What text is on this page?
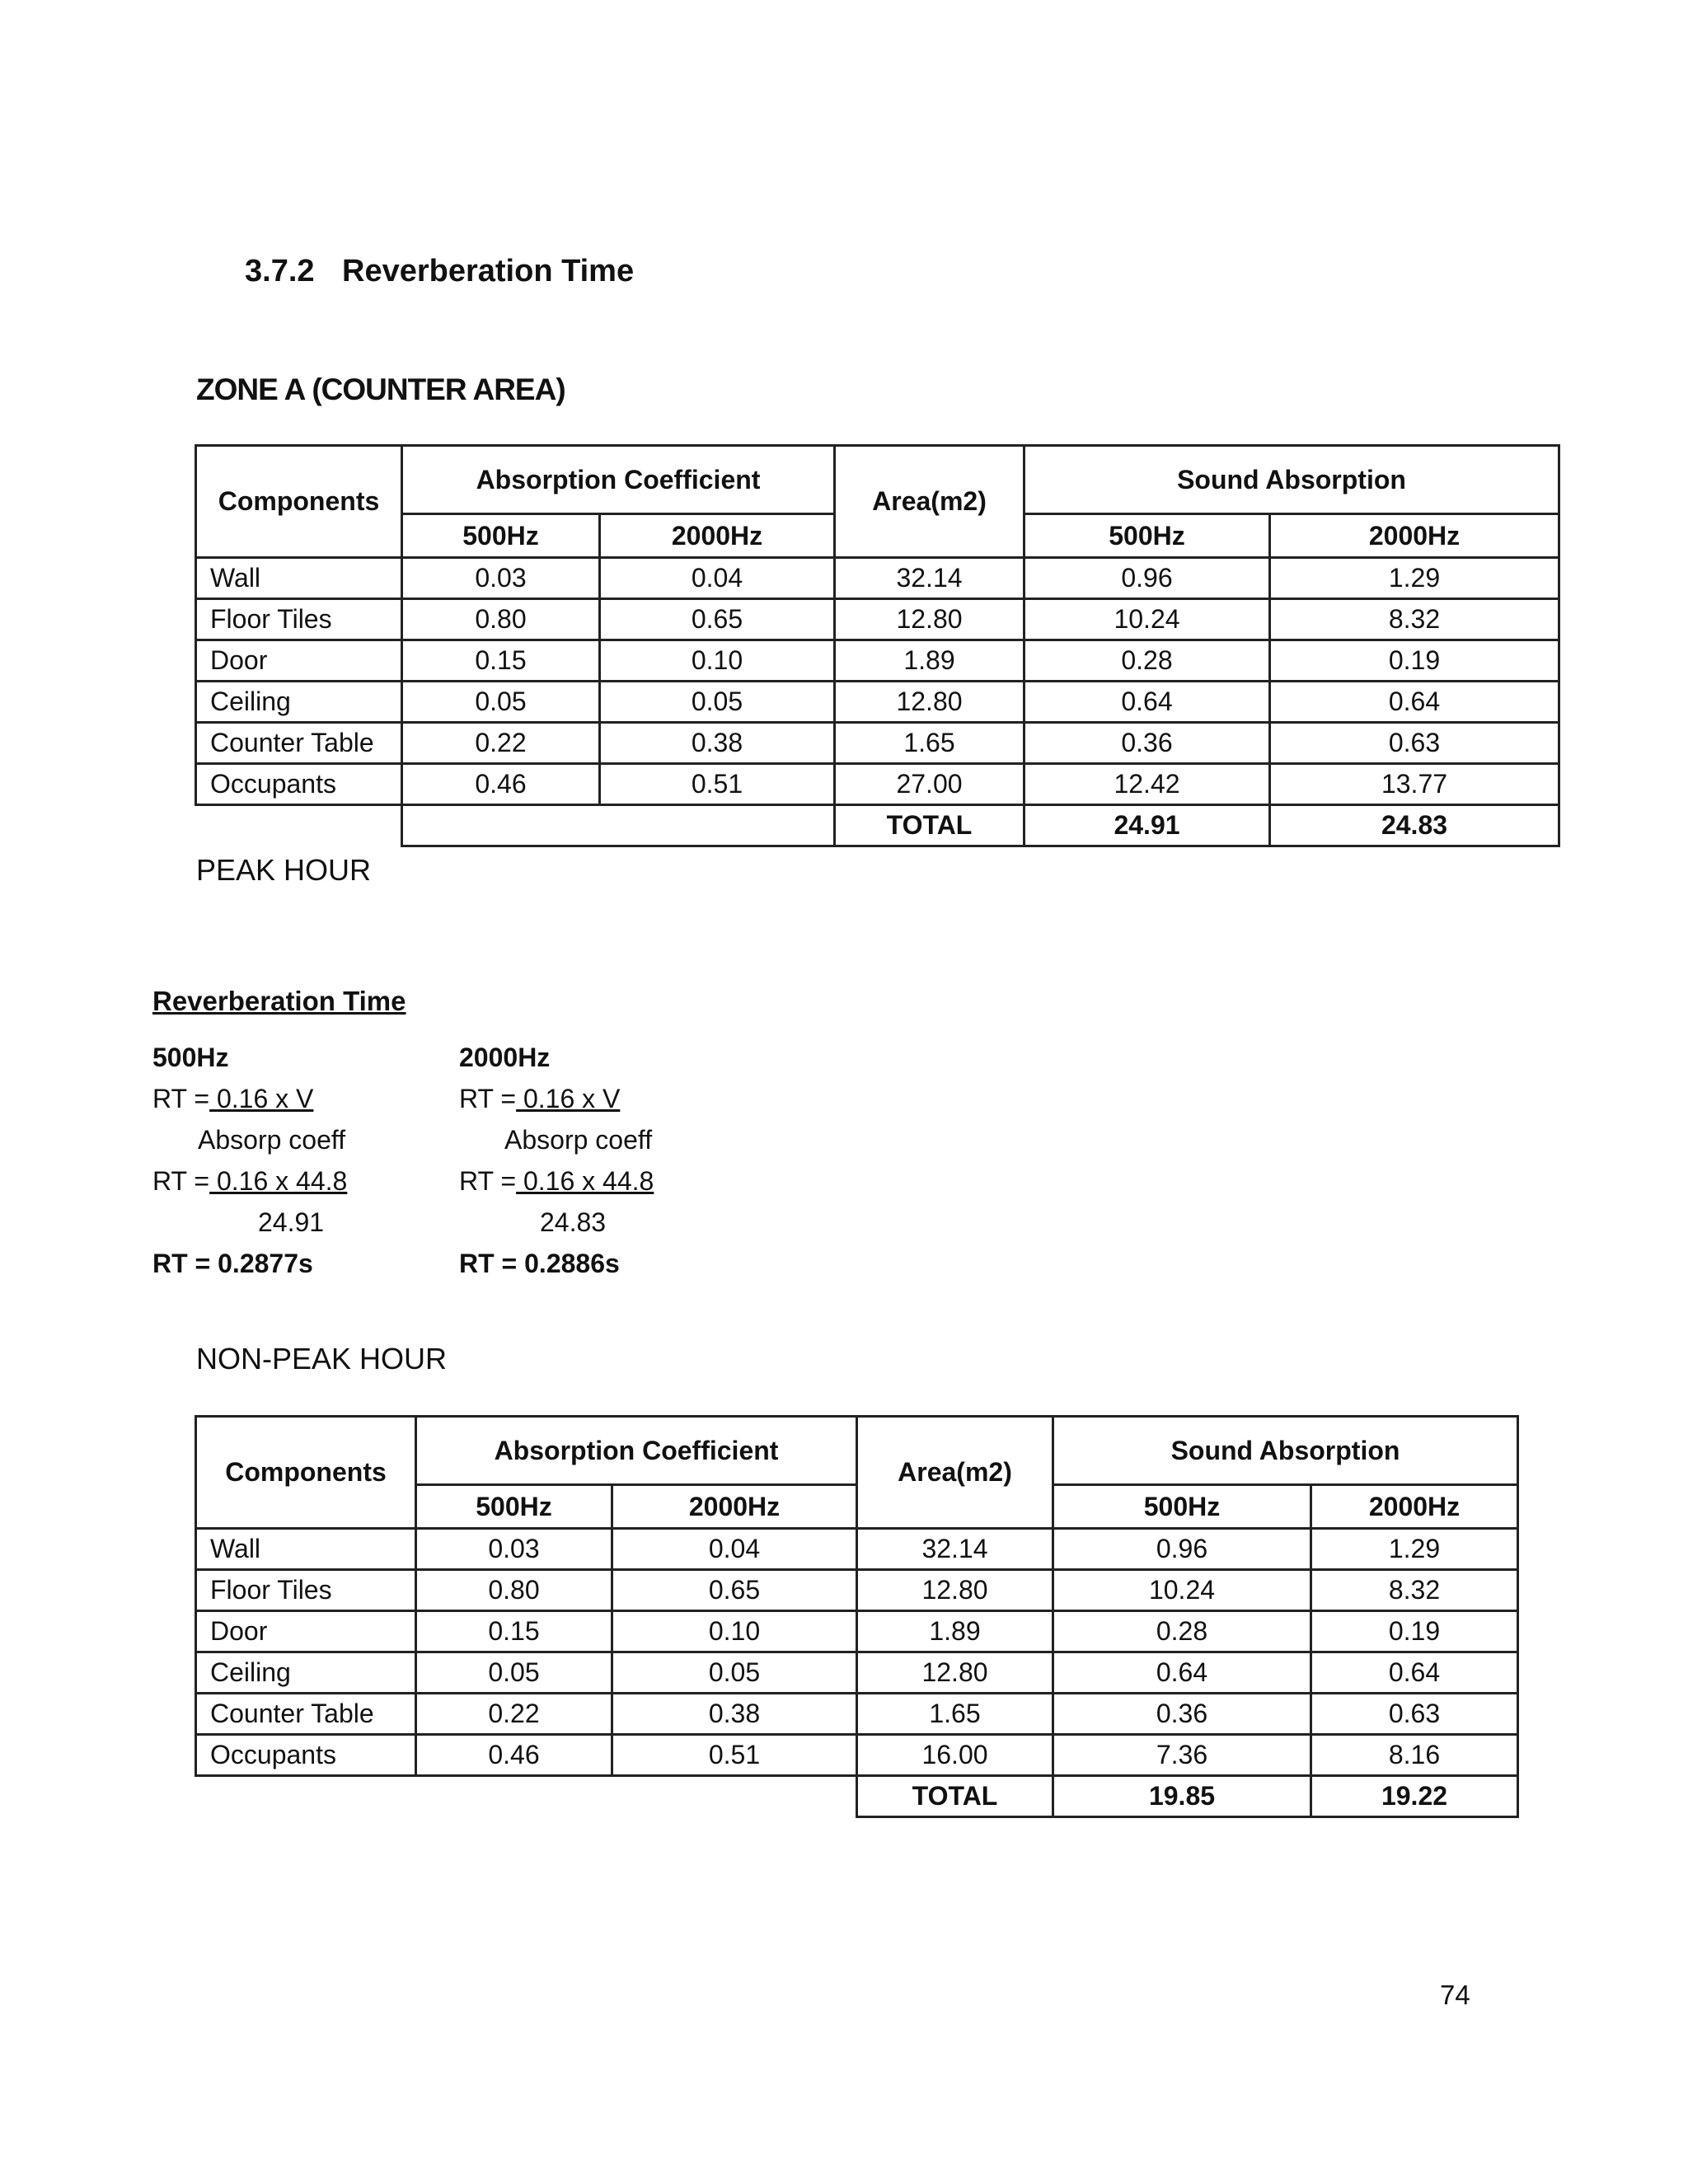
3.7.2 Reverberation Time
ZONE A (COUNTER AREA)
Components	Absorption Coefficient		Area(m2)	Sound Absorption	
	500Hz	2000Hz		500Hz	2000Hz
Wall	0.03	0.04	32.14	0.96	1.29
Floor Tiles	0.80	0.65	12.80	10.24	8.32
Door	0.15	0.10	1.89	0.28	0.19
Ceiling	0.05	0.05	12.80	0.64	0.64
Counter Table	0.22	0.38	1.65	0.36	0.63
Occupants	0.46	0.51	27.00	12.42	13.77
			TOTAL	24.91	24.83
PEAK HOUR
Reverberation Time
500Hz
RT = 0.16 x V
Absorp coeff
RT = 0.16 x 44.8
24.91
RT = 0.2877s
2000Hz
RT = 0.16 x V
Absorp coeff
RT = 0.16 x 44.8
24.83
RT = 0.2886s
NON-PEAK HOUR
Components	Absorption Coefficient		Area(m2)	Sound Absorption	
	500Hz	2000Hz		500Hz	2000Hz
Wall	0.03	0.04	32.14	0.96	1.29
Floor Tiles	0.80	0.65	12.80	10.24	8.32
Door	0.15	0.10	1.89	0.28	0.19
Ceiling	0.05	0.05	12.80	0.64	0.64
Counter Table	0.22	0.38	1.65	0.36	0.63
Occupants	0.46	0.51	16.00	7.36	8.16
			TOTAL	19.85	19.22
74
